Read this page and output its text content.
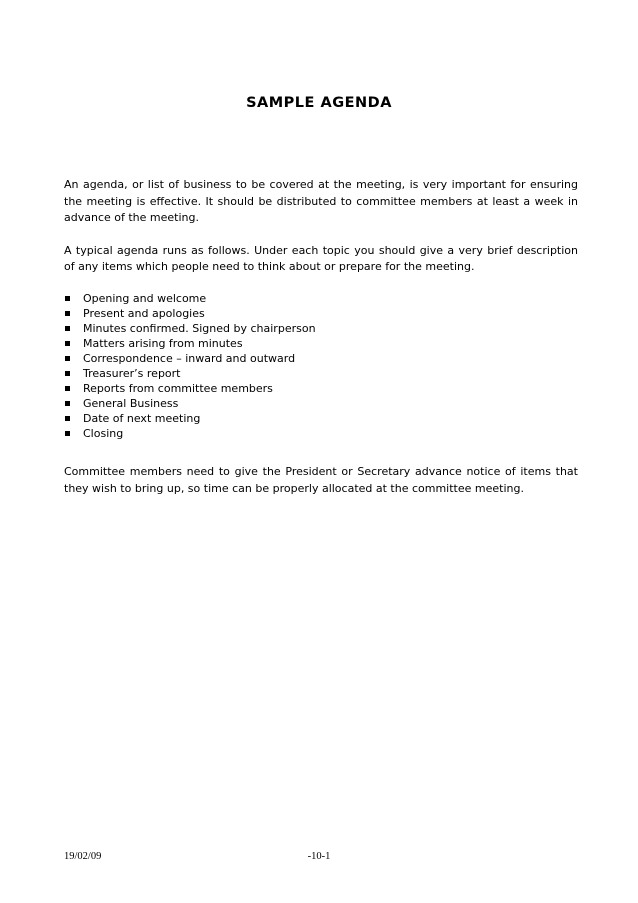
SAMPLE AGENDA

An agenda, or list of business to be covered at the meeting, is very important for ensuring the meeting is effective. It should be distributed to committee members at least a week in advance of the meeting.

A typical agenda runs as follows. Under each topic you should give a very brief description of any items which people need to think about or prepare for the meeting.

Opening and welcome
Present and apologies
Minutes confirmed. Signed by chairperson
Matters arising from minutes
Correspondence – inward and outward
Treasurer’s report
Reports from committee members
General Business
Date of next meeting
Closing

Committee members need to give the President or Secretary advance notice of items that they wish to bring up, so time can be properly allocated at the committee meeting.

19/02/09	-10-1
